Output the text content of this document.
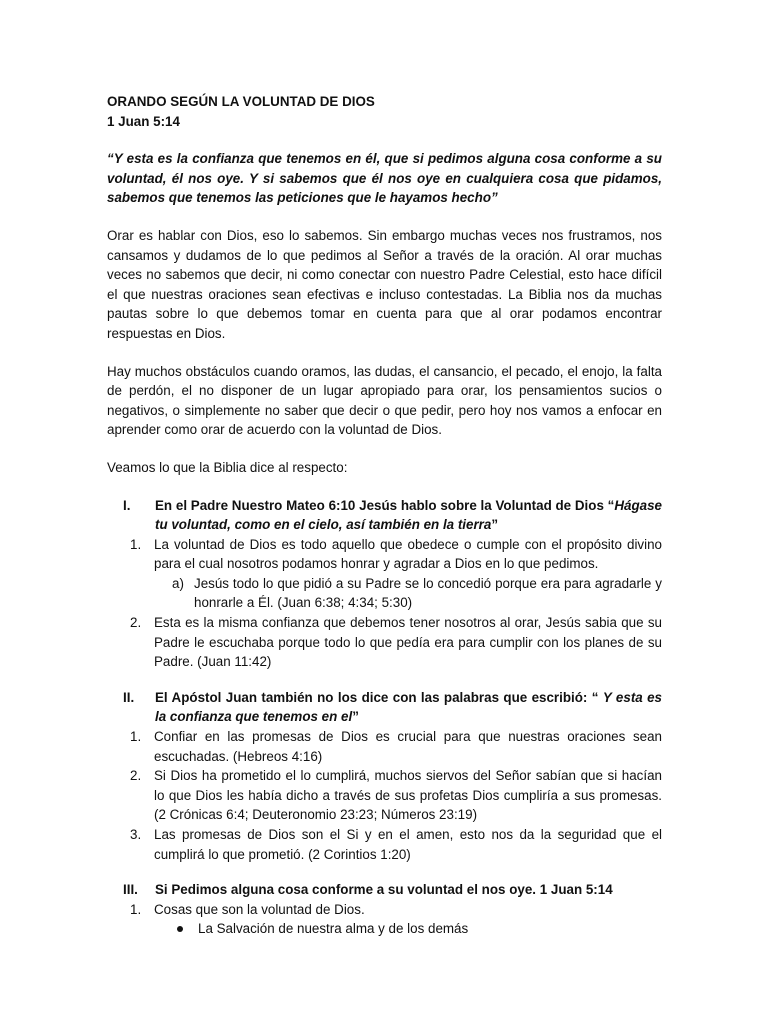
ORANDO SEGÚN LA VOLUNTAD DE DIOS

1 Juan 5:14

“Y esta es la confianza que tenemos en él, que si pedimos alguna cosa conforme a su voluntad, él nos oye. Y si sabemos que él nos oye en cualquiera cosa que pidamos, sabemos que tenemos las peticiones que le hayamos hecho”

Orar es hablar con Dios, eso lo sabemos. Sin embargo muchas veces nos frustramos, nos cansamos y dudamos de lo que pedimos al Señor a través de la oración. Al orar muchas veces no sabemos que decir, ni como conectar con nuestro Padre Celestial, esto hace difícil el que nuestras oraciones sean efectivas e incluso contestadas. La Biblia nos da muchas pautas sobre lo que debemos tomar en cuenta para que al orar podamos encontrar respuestas en Dios.

Hay muchos obstáculos cuando oramos, las dudas, el cansancio, el pecado, el enojo, la falta de perdón, el no disponer de un lugar apropiado para orar, los pensamientos sucios o negativos, o simplemente no saber que decir o que pedir, pero hoy nos vamos a enfocar en aprender como orar de acuerdo con la voluntad de Dios.

Veamos lo que la Biblia dice al respecto:

I. En el Padre Nuestro Mateo 6:10 Jesús hablo sobre la Voluntad de Dios “Hágase tu voluntad, como en el cielo, así también en la tierra”

1. La voluntad de Dios es todo aquello que obedece o cumple con el propósito divino para el cual nosotros podamos honrar y agradar a Dios en lo que pedimos.

a) Jesús todo lo que pidió a su Padre se lo concedió porque era para agradarle y honrarle a Él. (Juan 6:38; 4:34; 5:30)

2. Esta es la misma confianza que debemos tener nosotros al orar, Jesús sabia que su Padre le escuchaba porque todo lo que pedía era para cumplir con los planes de su Padre. (Juan 11:42)

II. El Apóstol Juan también no los dice con las palabras que escribió: “ Y esta es la confianza que tenemos en el”

1. Confiar en las promesas de Dios es crucial para que nuestras oraciones sean escuchadas. (Hebreos 4:16)

2. Si Dios ha prometido el lo cumplirá, muchos siervos del Señor sabían que si hacían lo que Dios les había dicho a través de sus profetas Dios cumpliría a sus promesas. (2 Crónicas 6:4; Deuteronomio 23:23; Números 23:19)

3. Las promesas de Dios son el Si y en el amen, esto nos da la seguridad que el cumplirá lo que prometió. (2 Corintios 1:20)

III. Si Pedimos alguna cosa conforme a su voluntad el nos oye. 1 Juan 5:14

1. Cosas que son la voluntad de Dios.

La Salvación de nuestra alma y de los demás
